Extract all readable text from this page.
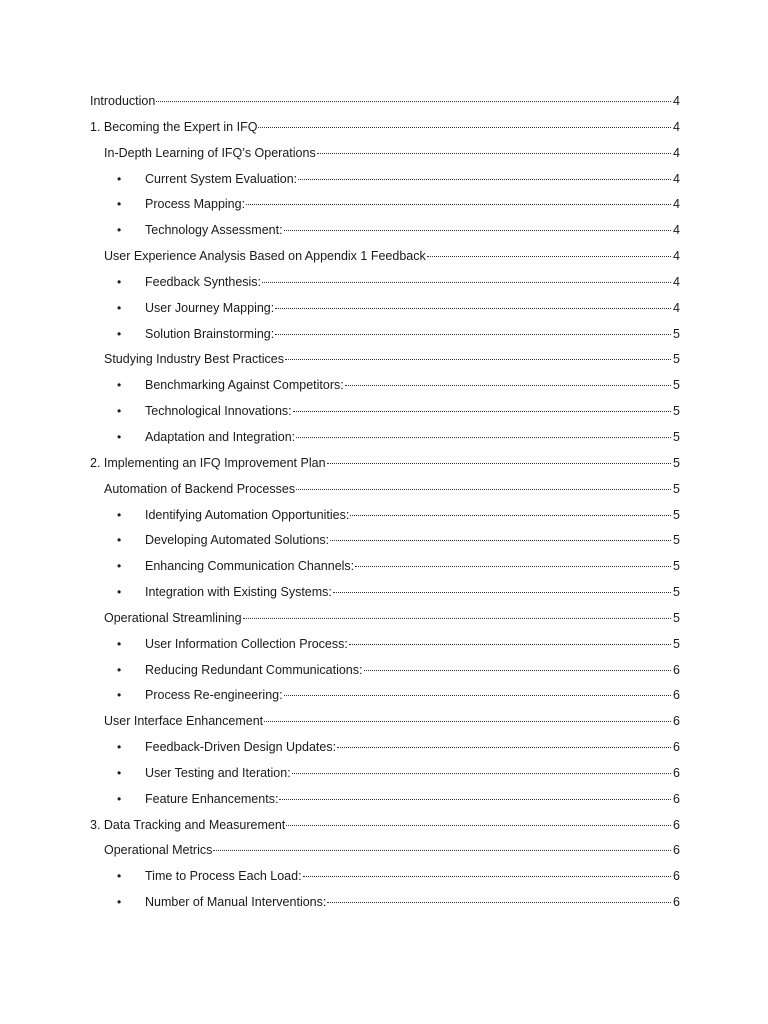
Introduction	4
1. Becoming the Expert in IFQ	4
In-Depth Learning of IFQ’s Operations	4
•	Current System Evaluation:	4
•	Process Mapping:	4
•	Technology Assessment:	4
User Experience Analysis Based on Appendix 1 Feedback	4
•	Feedback Synthesis:	4
•	User Journey Mapping:	4
•	Solution Brainstorming:	5
Studying Industry Best Practices	5
•	Benchmarking Against Competitors:	5
•	Technological Innovations:	5
•	Adaptation and Integration:	5
2. Implementing an IFQ Improvement Plan	5
Automation of Backend Processes	5
•	Identifying Automation Opportunities:	5
•	Developing Automated Solutions:	5
•	Enhancing Communication Channels:	5
•	Integration with Existing Systems:	5
Operational Streamlining	5
•	User Information Collection Process:	5
•	Reducing Redundant Communications:	6
•	Process Re-engineering:	6
User Interface Enhancement	6
•	Feedback-Driven Design Updates:	6
•	User Testing and Iteration:	6
•	Feature Enhancements:	6
3. Data Tracking and Measurement	6
Operational Metrics	6
•	Time to Process Each Load:	6
•	Number of Manual Interventions:	6
